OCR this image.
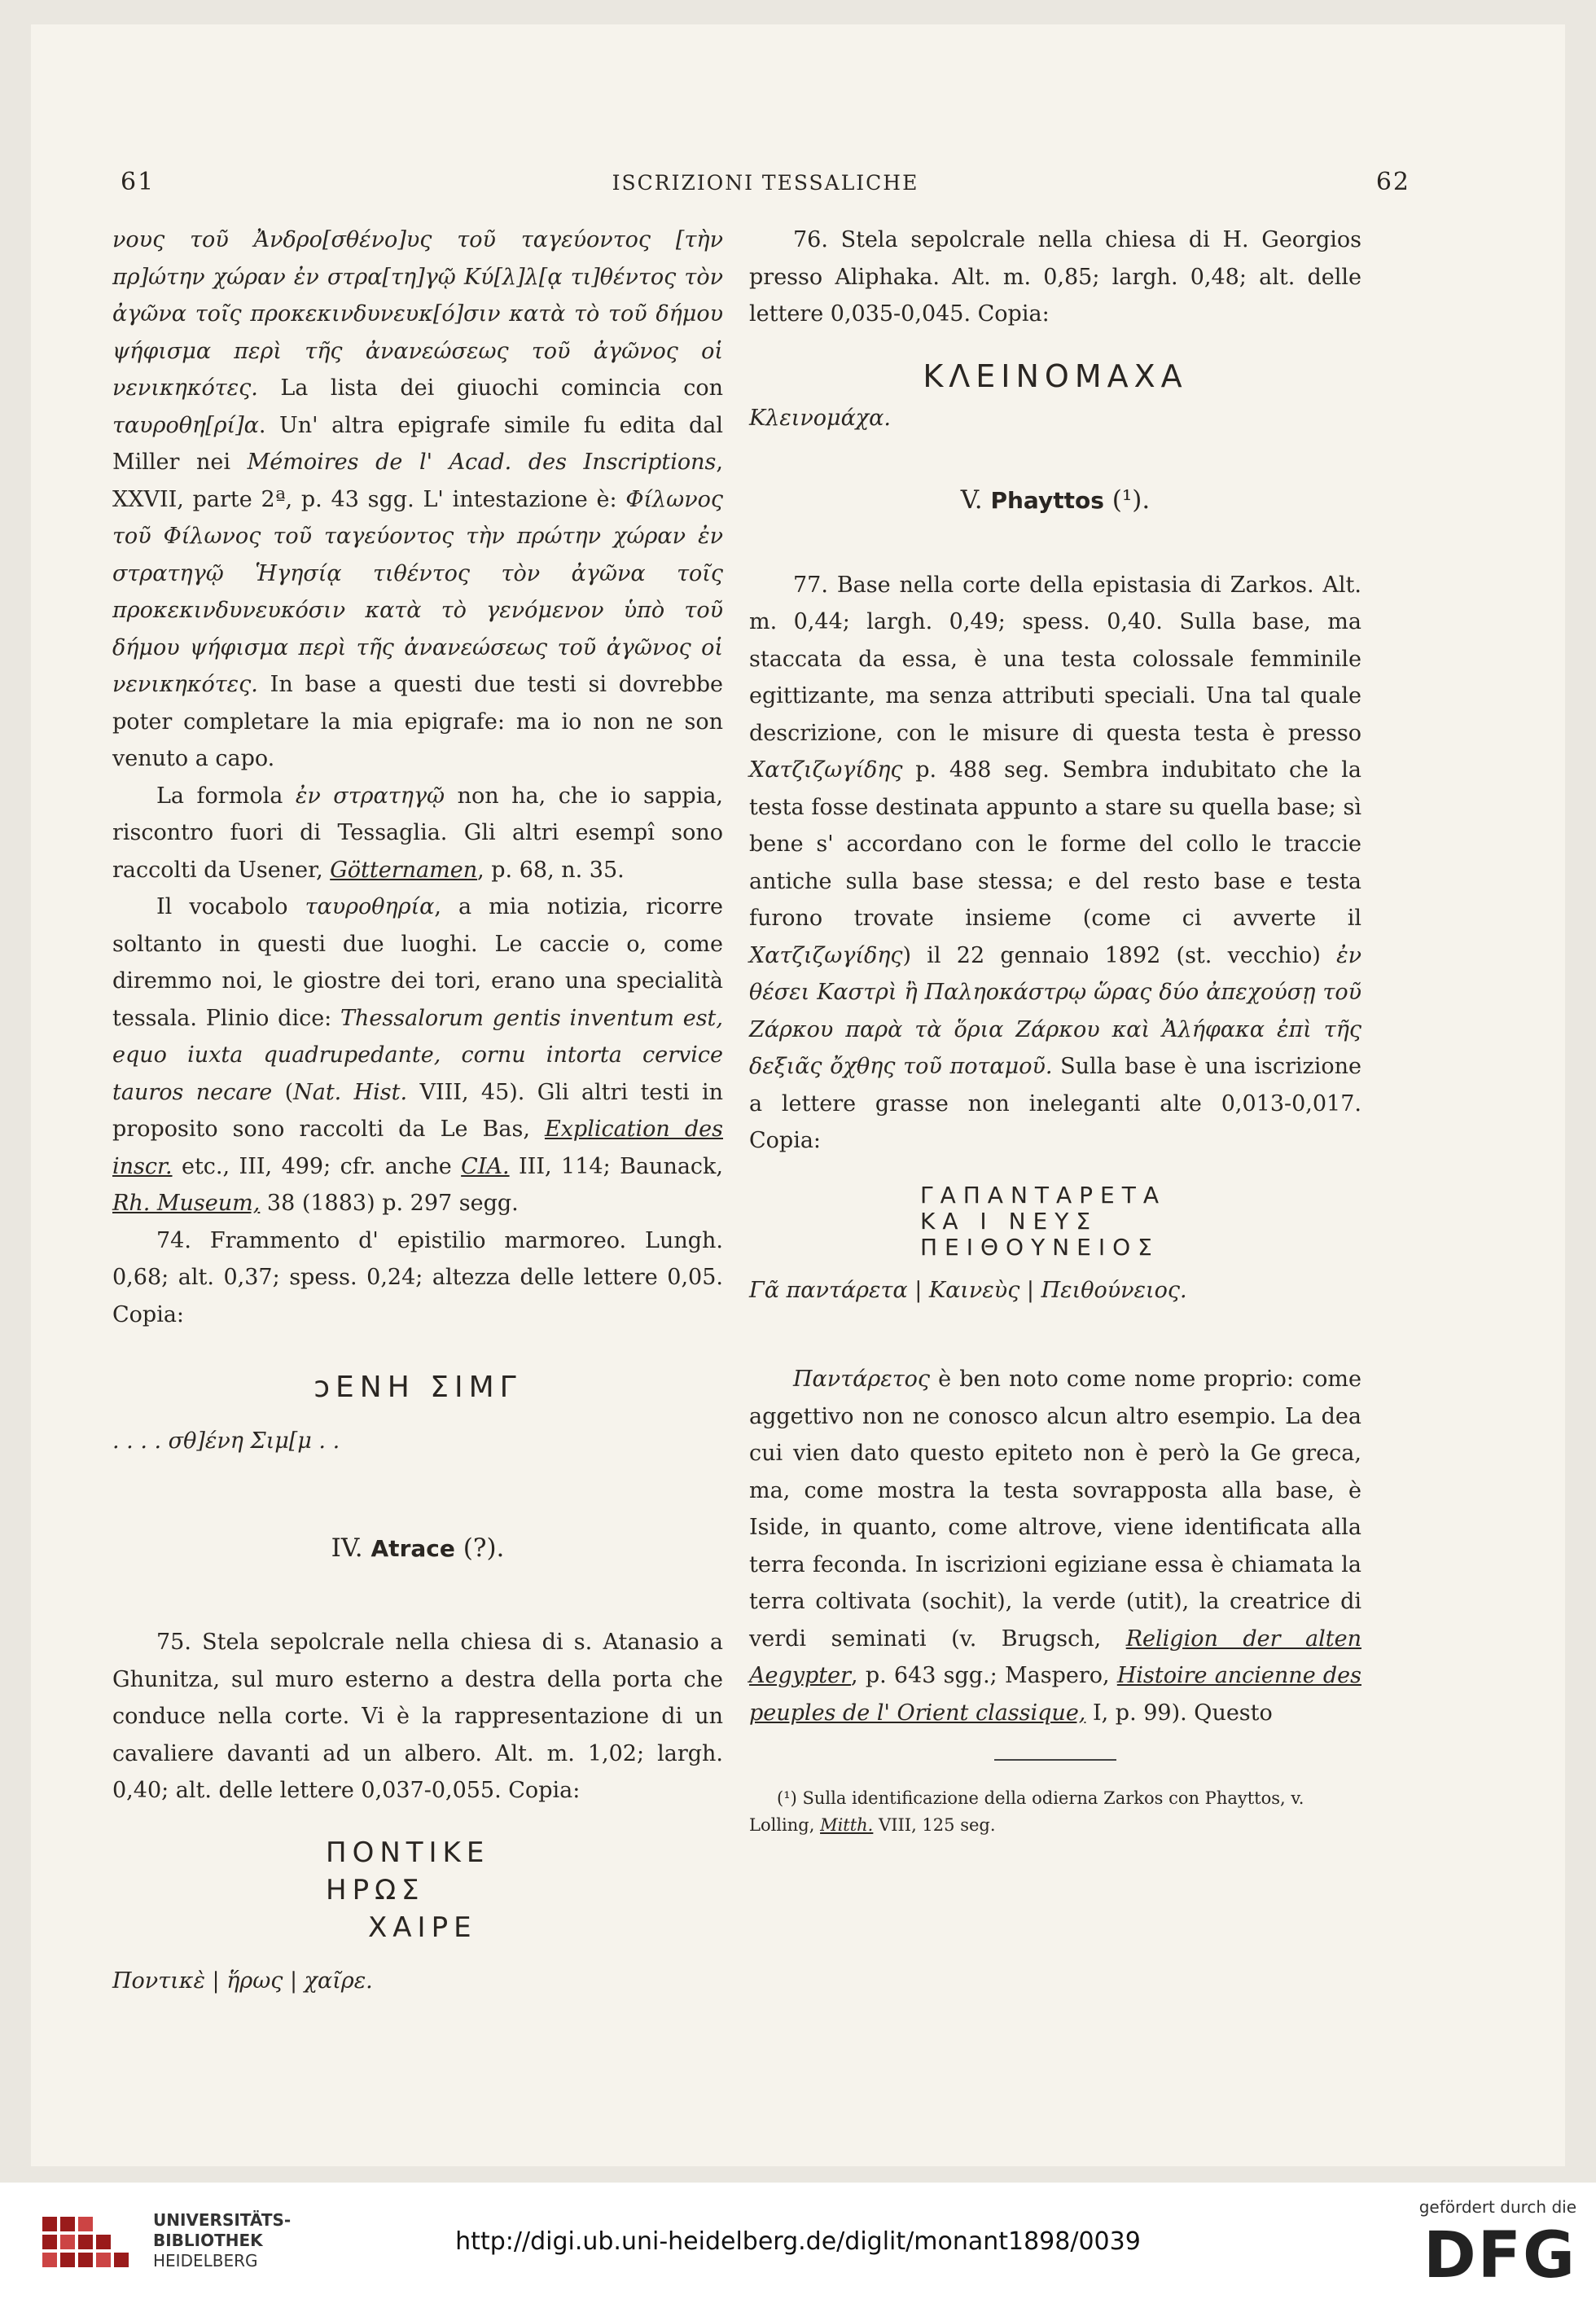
61	ISCRIZIONI TESSALICHE	62

νους τοῦ Ἀνδρο[σθένο]υς τοῦ ταγεύοντος [τὴν πρ]ώτην χώραν ἐν στρα[τη]γῷ Κύ[λ]λ[ᾳ τι]θέντος τὸν ἀγῶνα τοῖς προκεκινδυνευκ[ό]σιν κατὰ τὸ τοῦ δήμου ψήφισμα περὶ τῆς ἀνανεώσεως τοῦ ἀγῶνος οἱ νενικηκότες. La lista dei giuochi comincia con ταυροθη[ρί]α. Un' altra epigrafe simile fu edita dal Miller nei Mémoires de l' Acad. des Inscriptions, XXVII, parte 2ª, p. 43 sgg. L' intestazione è: Φίλωνος τοῦ Φίλωνος τοῦ ταγεύοντος τὴν πρώτην χώραν ἐν στρατηγῷ Ἡγησίᾳ τιθέντος τὸν ἀγῶνα τοῖς προκεκινδυνευκόσιν κατὰ τὸ γενόμενον ὑπὸ τοῦ δήμου ψήφισμα περὶ τῆς ἀνανεώσεως τοῦ ἀγῶνος οἱ νενικηκότες. In base a questi due testi si dovrebbe poter completare la mia epigrafe: ma io non ne son venuto a capo.

La formola ἐν στρατηγῷ non ha, che io sappia, riscontro fuori di Tessaglia. Gli altri esempî sono raccolti da Usener, Götternamen, p. 68, n. 35.

Il vocabolo ταυροθηρία, a mia notizia, ricorre soltanto in questi due luoghi. Le caccie o, come diremmo noi, le giostre dei tori, erano una specialità tessala. Plinio dice: Thessalorum gentis inventum est, equo iuxta quadrupedante, cornu intorta cervice tauros necare (Nat. Hist. VIII, 45). Gli altri testi in proposito sono raccolti da Le Bas, Explication des inscr. etc., III, 499; cfr. anche CIA. III, 114; Baunack, Rh. Museum, 38 (1883) p. 297 segg.

74. Frammento d' epistilio marmoreo. Lungh. 0,68; alt. 0,37; spess. 0,24; altezza delle lettere 0,05. Copia:

ͻΕΝΗ ΣΙΜΓ

. . . . σθ]ένη Σιμ[μ . .

IV. Atrace (?).

75. Stela sepolcrale nella chiesa di s. Atanasio a Ghunitza, sul muro esterno a destra della porta che conduce nella corte. Vi è la rappresentazione di un cavaliere davanti ad un albero. Alt. m. 1,02; largh. 0,40; alt. delle lettere 0,037-0,055. Copia:

ΠΟΝΤΙΚΕ
ΗΡΩΣ
ΧΑΙΡΕ

Ποντικὲ | ἥρως | χαῖρε.

76. Stela sepolcrale nella chiesa di H. Georgios presso Aliphaka. Alt. m. 0,85; largh. 0,48; alt. delle lettere 0,035-0,045. Copia:

ΚΛΕΙΝΟΜΑΧΑ

Κλεινομάχα.

V. Phayttos (¹).

77. Base nella corte della epistasia di Zarkos. Alt. m. 0,44; largh. 0,49; spess. 0,40. Sulla base, ma staccata da essa, è una testa colossale femminile egittizante, ma senza attributi speciali. Una tal quale descrizione, con le misure di questa testa è presso Χατζιζωγίδης p. 488 seg. Sembra indubitato che la testa fosse destinata appunto a stare su quella base; sì bene s' accordano con le forme del collo le traccie antiche sulla base stessa; e del resto base e testa furono trovate insieme (come ci avverte il Χατζιζωγίδης) il 22 gennaio 1892 (st. vecchio) ἐν θέσει Καστρὶ ἢ Παληοκάστρῳ ὥρας δύο ἀπεχούσῃ τοῦ Ζάρκου παρὰ τὰ ὅρια Ζάρκου καὶ Ἀλήφακα ἐπὶ τῆς δεξιᾶς ὄχθης τοῦ ποταμοῦ. Sulla base è una iscrizione a lettere grasse non ineleganti alte 0,013-0,017. Copia:

ΓΑΠΑΝΤΑΡΕΤΑ
ΚΑ Ι ΝΕΥΣ
ΠΕΙΘΟΥΝΕΙΟΣ

Γᾶ παντάρετα | Καινεὺς | Πειθούνειος.

Παντάρετος è ben noto come nome proprio: come aggettivo non ne conosco alcun altro esempio. La dea cui vien dato questo epiteto non è però la Ge greca, ma, come mostra la testa sovrapposta alla base, è Iside, in quanto, come altrove, viene identificata alla terra feconda. In iscrizioni egiziane essa è chiamata la terra coltivata (sochit), la verde (utit), la creatrice di verdi seminati (v. Brugsch, Religion der alten Aegypter, p. 643 sgg.; Maspero, Histoire ancienne des peuples de l' Orient classique, I, p. 99). Questo

(¹) Sulla identificazione della odierna Zarkos con Phayttos, v. Lolling, Mitth. VIII, 125 seg.

UNIVERSITÄTS-
BIBLIOTHEK
HEIDELBERG
http://digi.ub.uni-heidelberg.de/diglit/monant1898/0039
gefördert durch die
DFG
